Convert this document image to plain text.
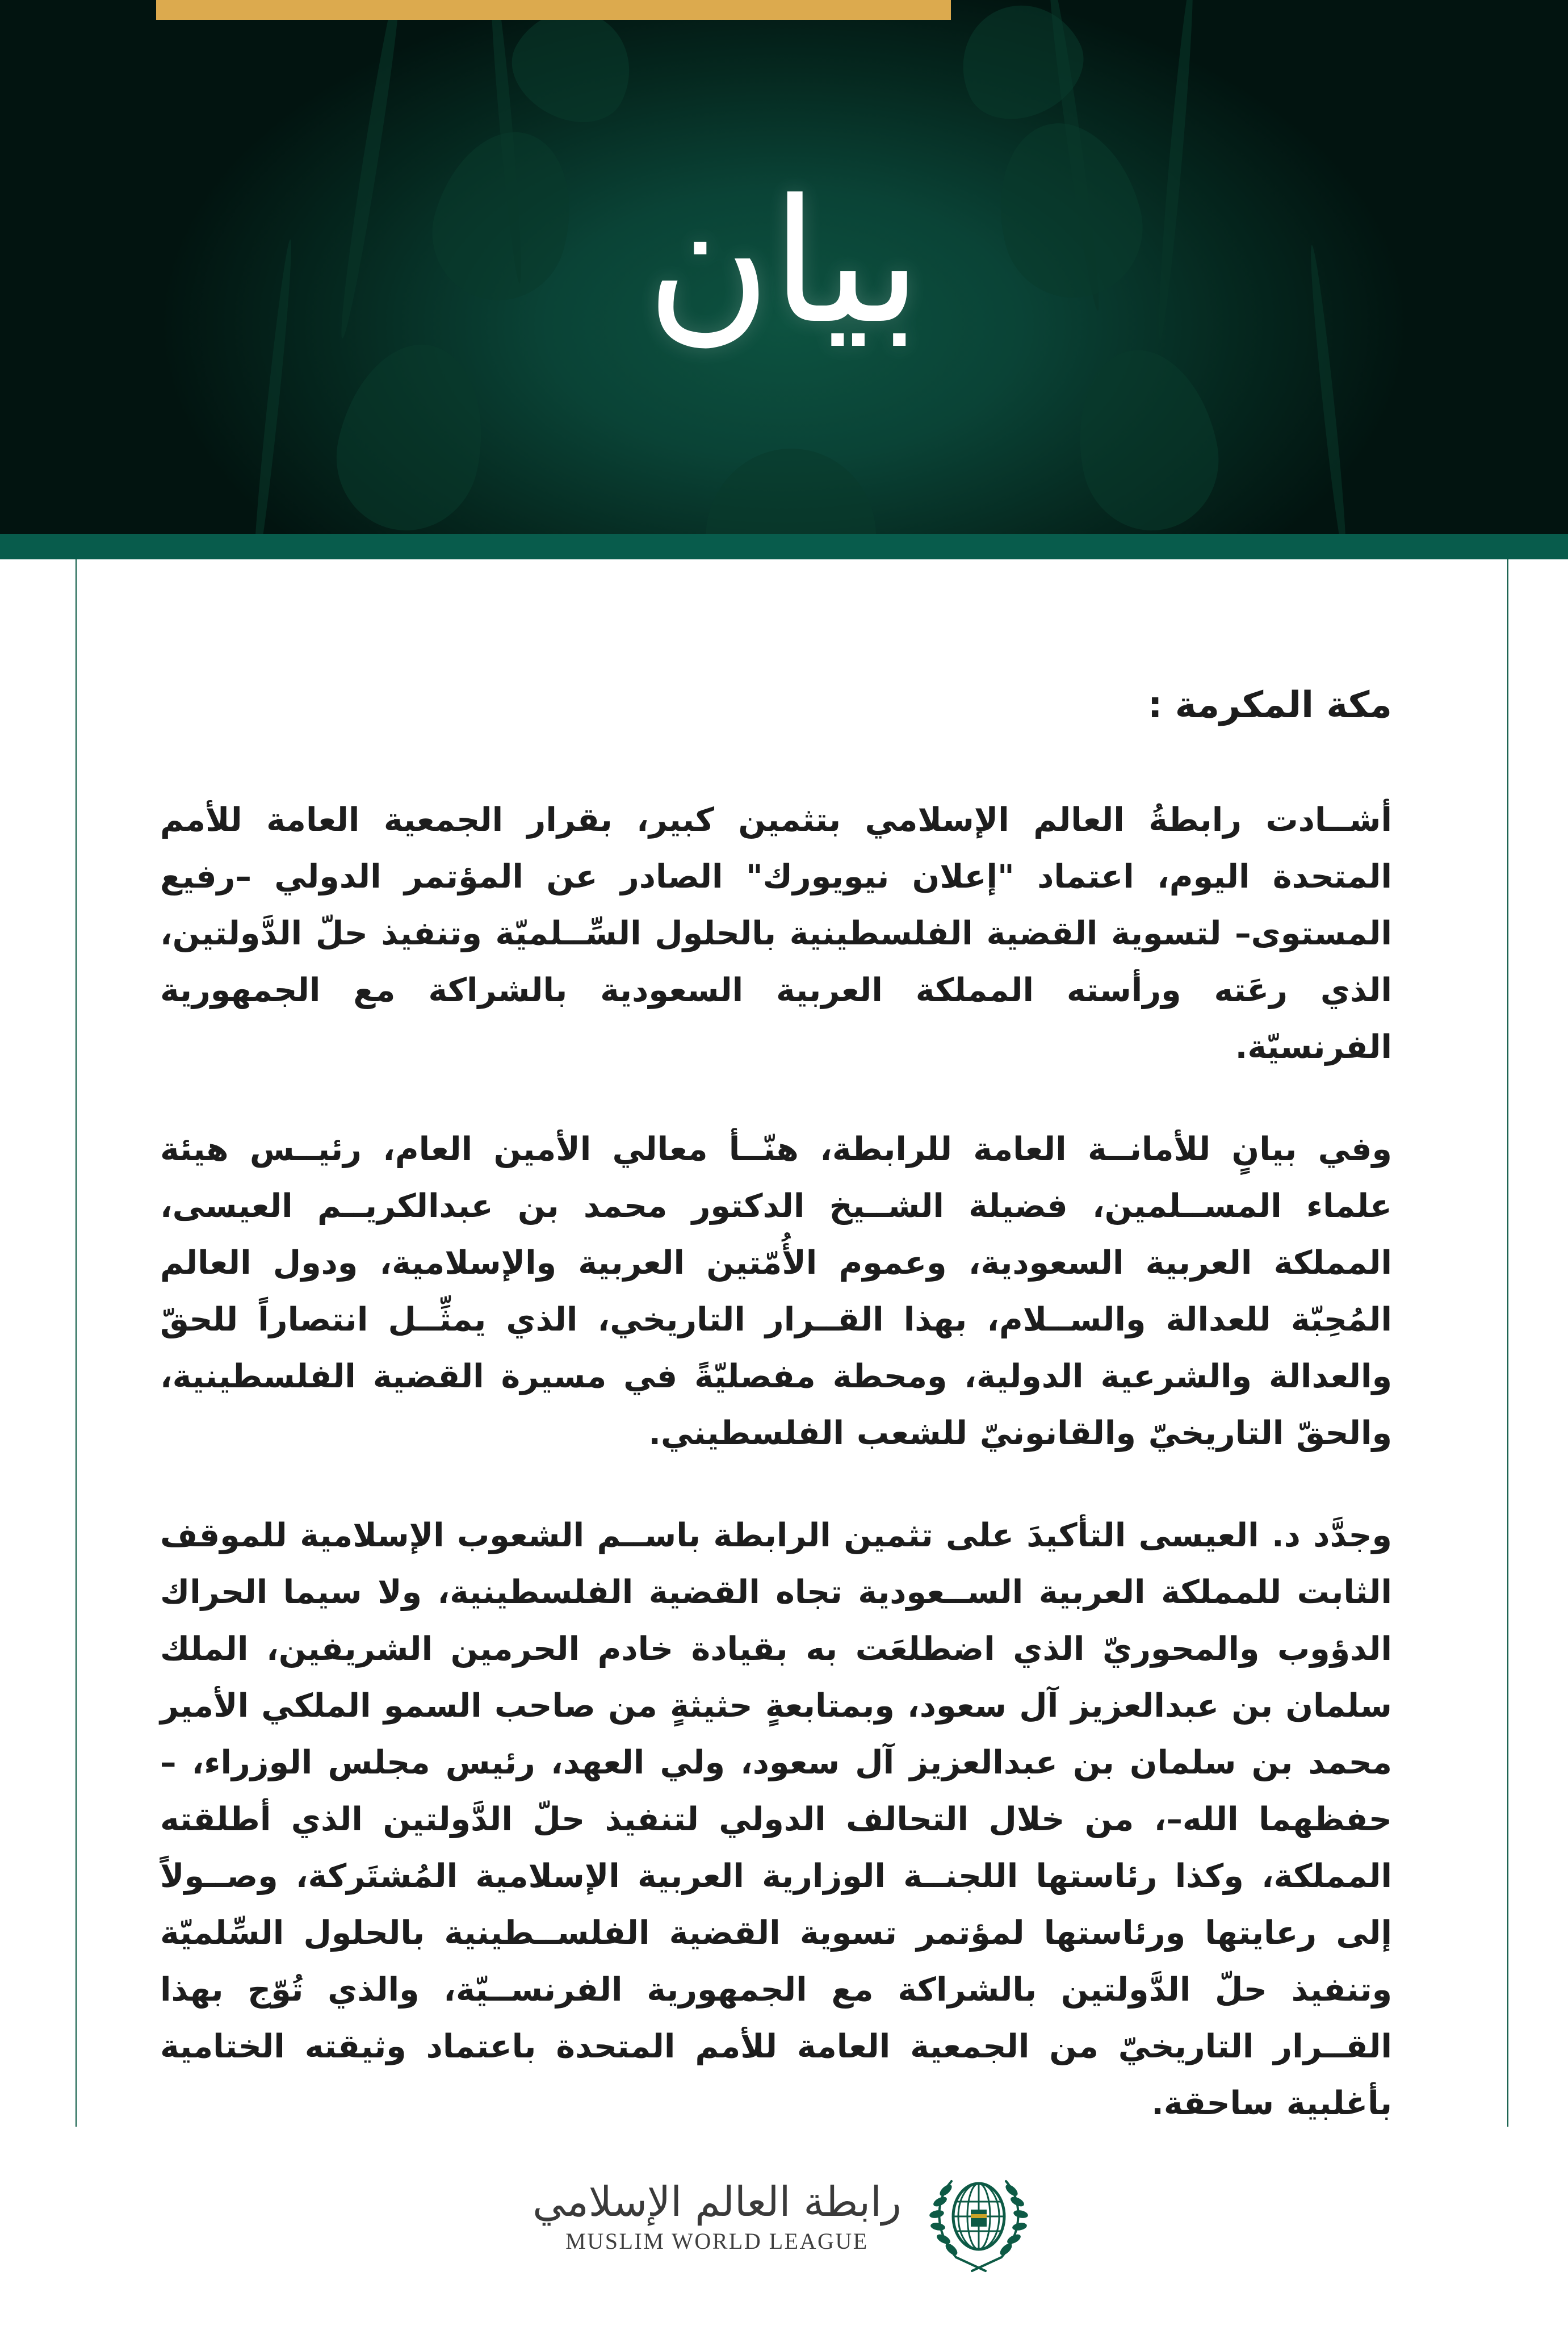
بيان
مكة المكرمة :

أشــادت رابطةُ العالم الإسلامي بتثمين كبير، بقرار الجمعية العامة للأمم المتحدة اليوم، اعتماد "إعلان نيويورك" الصادر عن المؤتمر الدولي –رفيع المستوى– لتسوية القضية الفلسطينية بالحلول السِّــلميّة وتنفيذ حلّ الدَّولتين، الذي رعَته ورأسته المملكة العربية السعودية بالشراكة مع الجمهورية الفرنسيّة.

وفي بيانٍ للأمانــة العامة للرابطة، هنّــأ معالي الأمين العام، رئيــس هيئة علماء المســلمين، فضيلة الشــيخ الدكتور محمد بن عبدالكريــم العيسى، المملكة العربية السعودية، وعموم الأُمّتين العربية والإسلامية، ودول العالم المُحِبّة للعدالة والســلام، بهذا القــرار التاريخي، الذي يمثِّــل انتصاراً للحقّ والعدالة والشرعية الدولية، ومحطة مفصليّةً في مسيرة القضية الفلسطينية، والحقّ التاريخيّ والقانونيّ للشعب الفلسطيني.

وجدَّد د. العيسى التأكيدَ على تثمين الرابطة باســم الشعوب الإسلامية للموقف الثابت للمملكة العربية الســعودية تجاه القضية الفلسطينية، ولا سيما الحراك الدؤوب والمحوريّ الذي اضطلعَت به بقيادة خادم الحرمين الشريفين، الملك سلمان بن عبدالعزيز آل سعود، وبمتابعةٍ حثيثةٍ من صاحب السمو الملكي الأمير محمد بن سلمان بن عبدالعزيز آل سعود، ولي العهد، رئيس مجلس الوزراء، –حفظهما الله–، من خلال التحالف الدولي لتنفيذ حلّ الدَّولتين الذي أطلقته المملكة، وكذا رئاستها اللجنــة الوزارية العربية الإسلامية المُشتَركة، وصــولاً إلى رعايتها ورئاستها لمؤتمر تسوية القضية الفلســطينية بالحلول السِّلميّة وتنفيذ حلّ الدَّولتين بالشراكة مع الجمهورية الفرنســيّة، والذي تُوّج بهذا القــرار التاريخيّ من الجمعية العامة للأمم المتحدة باعتماد وثيقته الختامية بأغلبية ساحقة.

رابطة العالم الإسلامي
MUSLIM WORLD LEAGUE
